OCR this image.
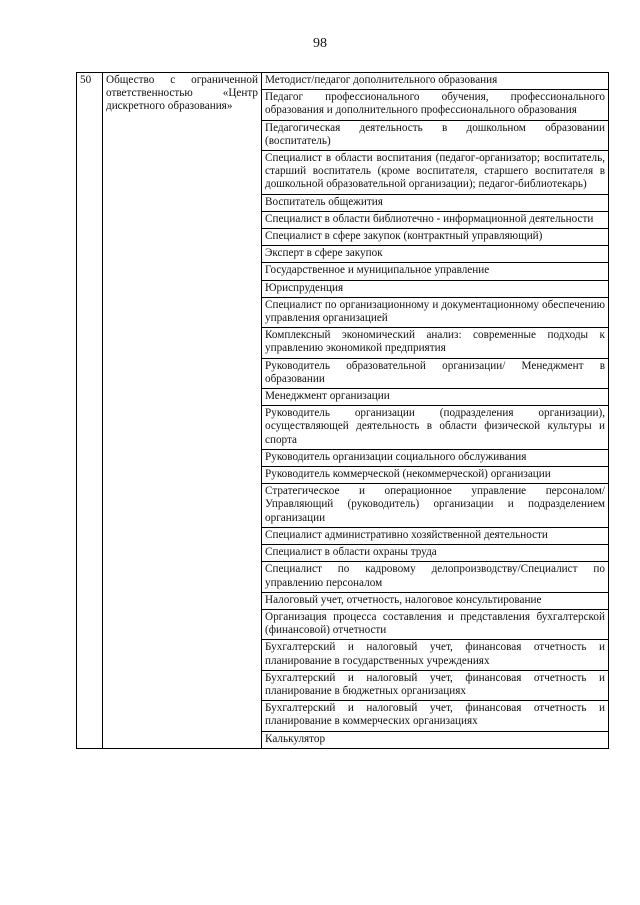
98
50	Общество с ограниченной ответственностью «Центр дискретного образования»	Методист/педагог дополнительного образования
Педагог профессионального обучения, профессионального образования и дополнительного профессионального образования
Педагогическая деятельность в дошкольном образовании (воспитатель)
Специалист в области воспитания (педагог-организатор; воспитатель, старший воспитатель (кроме воспитателя, старшего воспитателя в дошкольной образовательной организации); педагог-библиотекарь)
Воспитатель общежития
Специалист в области библиотечно - информационной деятельности
Специалист в сфере закупок (контрактный управляющий)
Эксперт в сфере закупок
Государственное и муниципальное управление
Юриспруденция
Специалист по организационному и документационному обеспечению управления организацией
Комплексный экономический анализ: современные подходы к управлению экономикой предприятия
Руководитель образовательной организации/ Менеджмент в образовании
Менеджмент организации
Руководитель организации (подразделения организации), осуществляющей деятельность в области физической культуры и спорта
Руководитель организации социального обслуживания
Руководитель коммерческой (некоммерческой) организации
Стратегическое и операционное управление персоналом/Управляющий (руководитель) организации и подразделением организации
Специалист административно хозяйственной деятельности
Специалист в области охраны труда
Специалист по кадровому делопроизводству/Специалист по управлению персоналом
Налоговый учет, отчетность, налоговое консультирование
Организация процесса составления и представления бухгалтерской (финансовой) отчетности
Бухгалтерский и налоговый учет, финансовая отчетность и планирование в государственных учреждениях
Бухгалтерский и налоговый учет, финансовая отчетность и планирование в бюджетных организациях
Бухгалтерский и налоговый учет, финансовая отчетность и планирование в коммерческих организациях
Калькулятор
